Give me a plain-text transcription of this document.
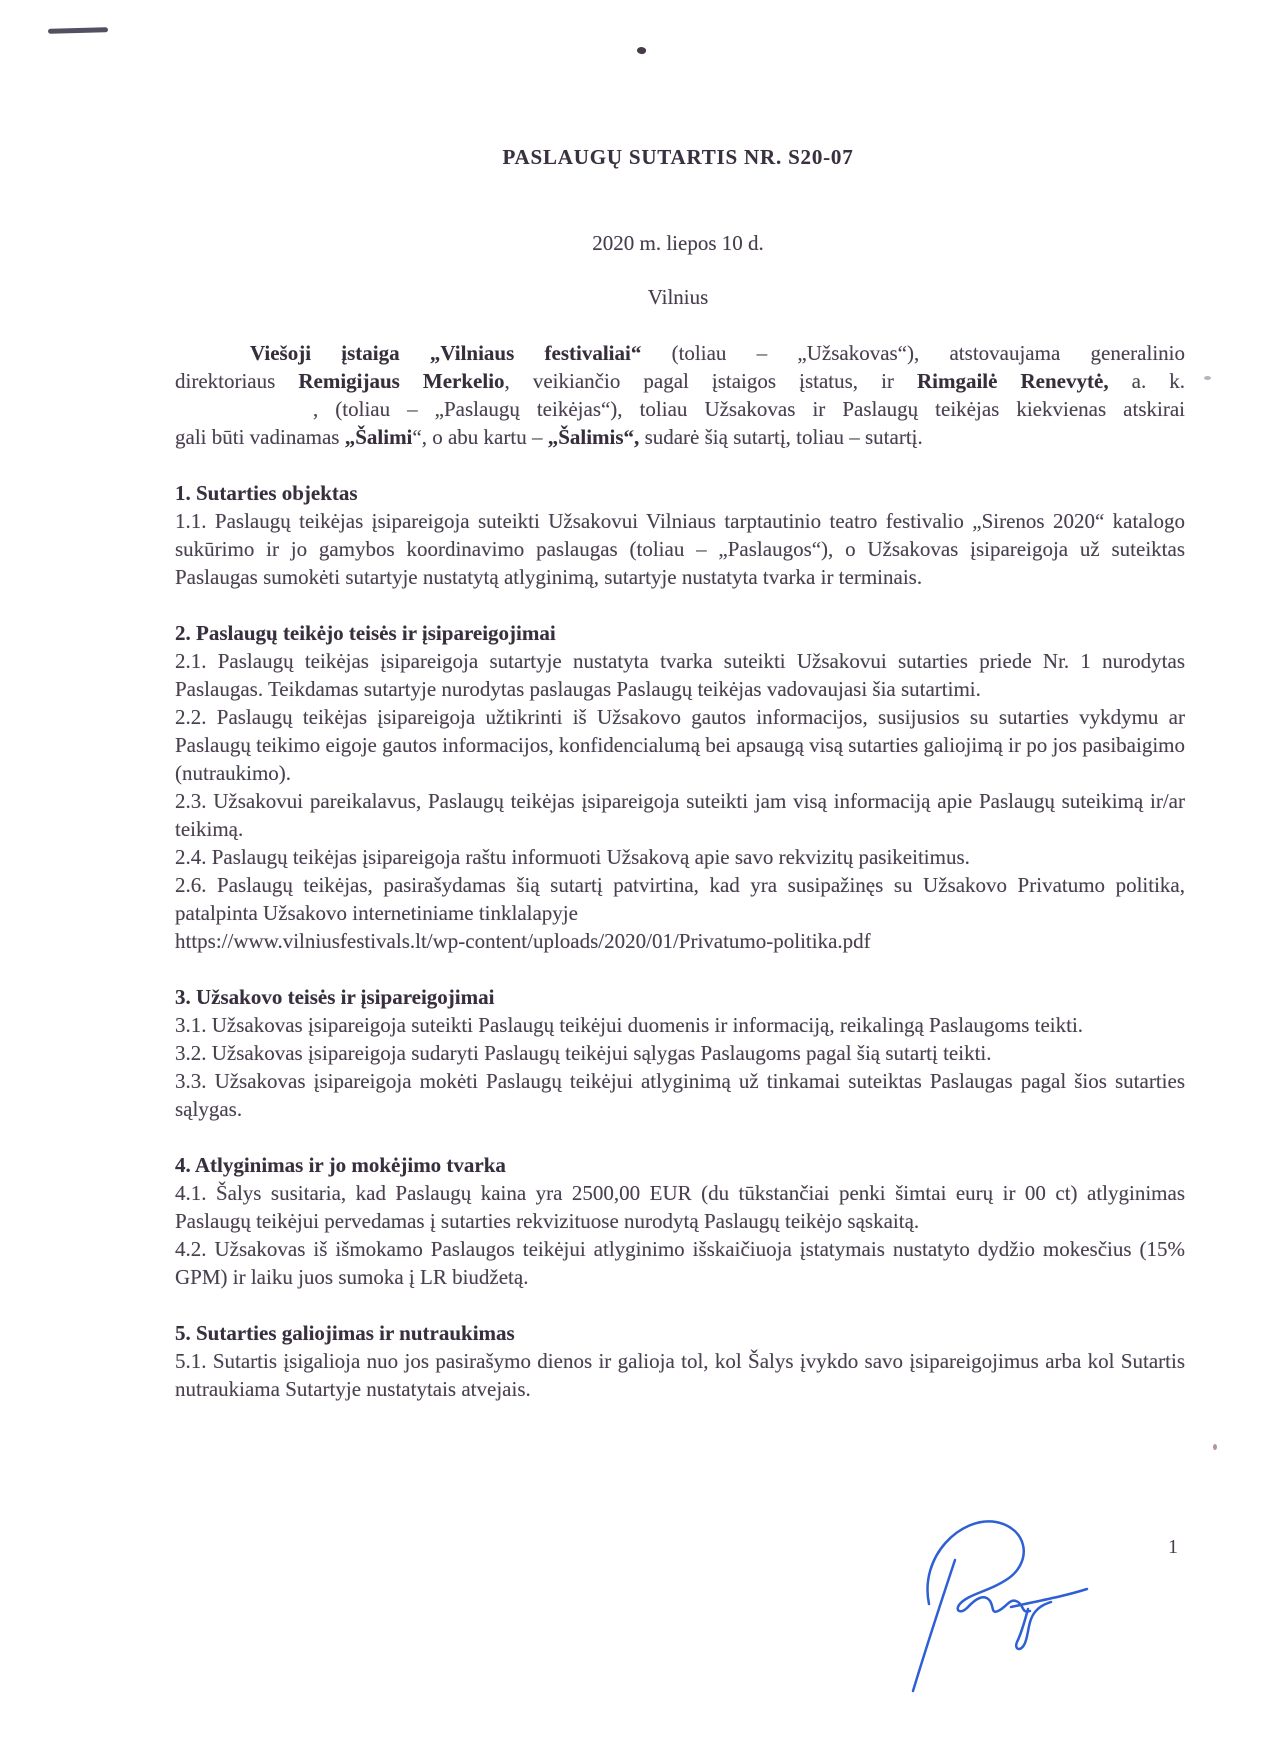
PASLAUGŲ SUTARTIS NR. S20-07
2020 m. liepos 10 d.
Vilnius
Viešoji įstaiga „Vilniaus festivaliai“ (toliau – „Užsakovas“), atstovaujama generalinio
direktoriaus Remigijaus Merkelio, veikiančio pagal įstaigos įstatus, ir Rimgailė Renevytė, a. k.
, (toliau – „Paslaugų teikėjas“), toliau Užsakovas ir Paslaugų teikėjas kiekvienas atskirai
gali būti vadinamas „Šalimi“, o abu kartu – „Šalimis“, sudarė šią sutartį, toliau – sutartį.
1. Sutarties objektas

1.1. Paslaugų teikėjas įsipareigoja suteikti Užsakovui Vilniaus tarptautinio teatro festivalio „Sirenos 2020“ katalogo sukūrimo ir jo gamybos koordinavimo paslaugas (toliau – „Paslaugos“), o Užsakovas įsipareigoja už suteiktas Paslaugas sumokėti sutartyje nustatytą atlyginimą, sutartyje nustatyta tvarka ir terminais.

2. Paslaugų teikėjo teisės ir įsipareigojimai

2.1. Paslaugų teikėjas įsipareigoja sutartyje nustatyta tvarka suteikti Užsakovui sutarties priede Nr. 1 nurodytas Paslaugas. Teikdamas sutartyje nurodytas paslaugas Paslaugų teikėjas vadovaujasi šia sutartimi.

2.2. Paslaugų teikėjas įsipareigoja užtikrinti iš Užsakovo gautos informacijos, susijusios su sutarties vykdymu ar Paslaugų teikimo eigoje gautos informacijos, konfidencialumą bei apsaugą visą sutarties galiojimą ir po jos pasibaigimo (nutraukimo).

2.3. Užsakovui pareikalavus, Paslaugų teikėjas įsipareigoja suteikti jam visą informaciją apie Paslaugų suteikimą ir/ar teikimą.

2.4. Paslaugų teikėjas įsipareigoja raštu informuoti Užsakovą apie savo rekvizitų pasikeitimus.

2.6. Paslaugų teikėjas, pasirašydamas šią sutartį patvirtina, kad yra susipažinęs su Užsakovo Privatumo politika, patalpinta Užsakovo internetiniame tinklalapyje

https://www.vilniusfestivals.lt/wp-content/uploads/2020/01/Privatumo-politika.pdf

3. Užsakovo teisės ir įsipareigojimai

3.1. Užsakovas įsipareigoja suteikti Paslaugų teikėjui duomenis ir informaciją, reikalingą Paslaugoms teikti.

3.2. Užsakovas įsipareigoja sudaryti Paslaugų teikėjui sąlygas Paslaugoms pagal šią sutartį teikti.

3.3. Užsakovas įsipareigoja mokėti Paslaugų teikėjui atlyginimą už tinkamai suteiktas Paslaugas pagal šios sutarties sąlygas.

4. Atlyginimas ir jo mokėjimo tvarka

4.1. Šalys susitaria, kad Paslaugų kaina yra 2500,00 EUR (du tūkstančiai penki šimtai eurų ir 00 ct) atlyginimas Paslaugų teikėjui pervedamas į sutarties rekvizituose nurodytą Paslaugų teikėjo sąskaitą.

4.2. Užsakovas iš išmokamo Paslaugos teikėjui atlyginimo išskaičiuoja įstatymais nustatyto dydžio mokesčius (15% GPM) ir laiku juos sumoka į LR biudžetą.

5. Sutarties galiojimas ir nutraukimas

5.1. Sutartis įsigalioja nuo jos pasirašymo dienos ir galioja tol, kol Šalys įvykdo savo įsipareigojimus arba kol Sutartis nutraukiama Sutartyje nustatytais atvejais.

1
